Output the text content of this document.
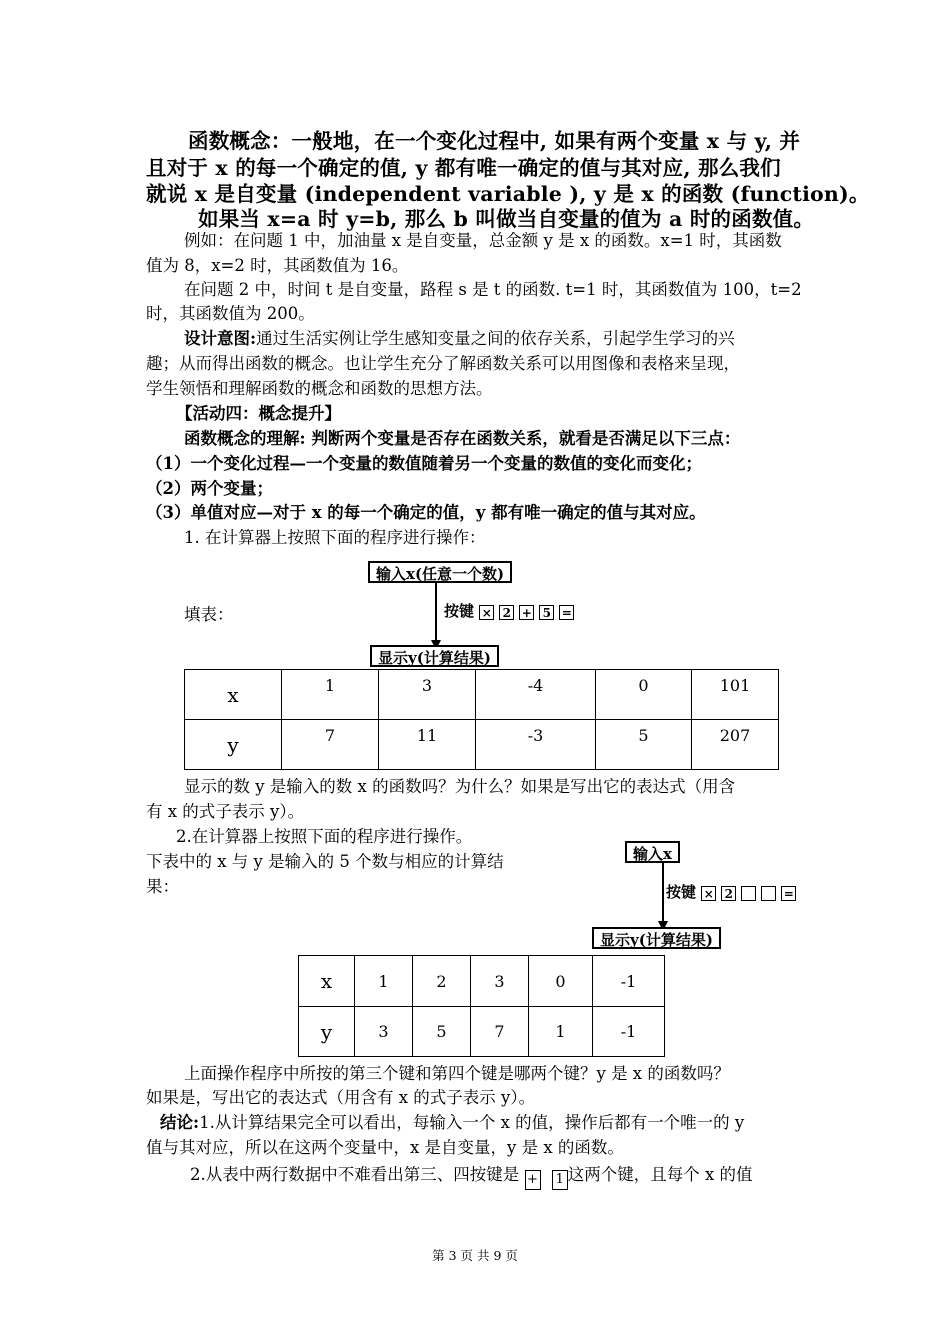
函数概念：一般地，在一个变化过程中, 如果有两个变量 x 与 y, 并
且对于 x 的每一个确定的值, y 都有唯一确定的值与其对应, 那么我们
就说 x 是自变量 (independent variable ), y 是 x 的函数 (function)。
如果当 x=a 时 y=b, 那么 b 叫做当自变量的值为 a 时的函数值。
例如：在问题 1 中，加油量 x 是自变量，总金额 y 是 x 的函数。x=1 时，其函数
值为 8，x=2 时，其函数值为 16。
在问题 2 中，时间 t 是自变量，路程 s 是 t 的函数. t=1 时，其函数值为 100，t=2
时，其函数值为 200。
设计意图:通过生活实例让学生感知变量之间的依存关系，引起学生学习的兴
趣；从而得出函数的概念。也让学生充分了解函数关系可以用图像和表格来呈现，
学生领悟和理解函数的概念和函数的思想方法。
【活动四：概念提升】
函数概念的理解: 判断两个变量是否存在函数关系，就看是否满足以下三点：
（1）一个变化过程—一个变量的数值随着另一个变量的数值的变化而变化；
（2）两个变量；
（3）单值对应—对于 x 的每一个确定的值，y 都有唯一确定的值与其对应。
1. 在计算器上按照下面的程序进行操作：
输入x(任意一个数)
按键 × 2 + 5 =
显示y(计算结果)
填表：
x	1	3	-4	0	101
y	7	11	-3	5	207
显示的数 y 是输入的数 x 的函数吗？为什么？如果是写出它的表达式（用含
有 x 的式子表示 y）。
2.在计算器上按照下面的程序进行操作。
下表中的 x 与 y 是输入的 5 个数与相应的计算结
果：
输入x
按键 × 2	=
显示y(计算结果)
x	1	2	3	0	-1
y	3	5	7	1	-1
上面操作程序中所按的第三个键和第四个键是哪两个键？y 是 x 的函数吗？
如果是，写出它的表达式（用含有 x 的式子表示 y）。
结论:1.从计算结果完全可以看出，每输入一个 x 的值，操作后都有一个唯一的 y
值与其对应，所以在这两个变量中，x 是自变量，y 是 x 的函数。
2.从表中两行数据中不难看出第三、四按键是 + 1 这两个键，且每个 x 的值
第 3 页 共 9 页
